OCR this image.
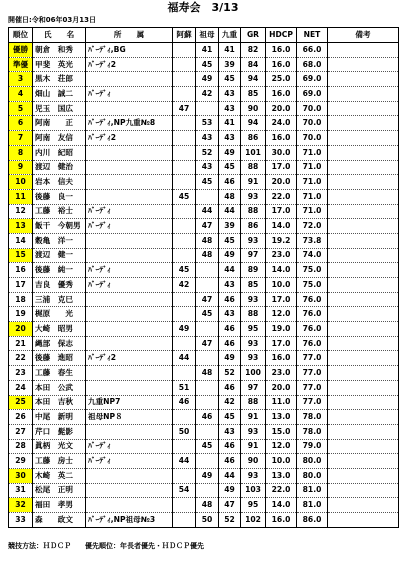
福寿会　3/13
開催日:令和06年03月13日
順位	氏　　名	所　　属	阿蘇	祖母	九重	GR	HDCP	NET	備考
優勝	朝倉　和秀	ﾊﾞｰﾃﾞｨ,BG		41	41	82	16.0	66.0	
準優	甲斐　英光	ﾊﾞｰﾃﾞｨ2		45	39	84	16.0	68.0	
3	黒木　荘郎			49	45	94	25.0	69.0	
4	畑山　誠二	ﾊﾞｰﾃﾞｨ		42	43	85	16.0	69.0	
5	児玉　国広		47		43	90	20.0	70.0	
6	阿南　　正	ﾊﾞｰﾃﾞｨ,NP九重№8		53	41	94	24.0	70.0	
7	阿南　友信	ﾊﾞｰﾃﾞｨ2		43	43	86	16.0	70.0	
8	内川　紀昭			52	49	101	30.0	71.0	
9	渡辺　健治			43	45	88	17.0	71.0	
10	岩本　信夫			45	46	91	20.0	71.0	
11	後藤　良一		45		48	93	22.0	71.0	
12	工藤　裕士	ﾊﾞｰﾃﾞｨ		44	44	88	17.0	71.0	
13	飯干　今朝男	ﾊﾞｰﾃﾞｨ		47	39	86	14.0	72.0	
14	穀亀　洋一			48	45	93	19.2	73.8	
15	渡辺　健一			48	49	97	23.0	74.0	
16	後藤　純一	ﾊﾞｰﾃﾞｨ	45		44	89	14.0	75.0	
17	吉良　優秀	ﾊﾞｰﾃﾞｨ	42		43	85	10.0	75.0	
18	三浦　克巳			47	46	93	17.0	76.0	
19	梶原　　光			45	43	88	12.0	76.0	
20	大崎　昭男		49		46	95	19.0	76.0	
21	縄部　保志			47	46	93	17.0	76.0	
22	後藤　進昭	ﾊﾞｰﾃﾞｨ2	44		49	93	16.0	77.0	
23	工藤　春生			48	52	100	23.0	77.0	
24	本田　公武		51		46	97	20.0	77.0	
25	本田　吉秋	九重NP7	46		42	88	11.0	77.0	
26	中尾　新明	祖母NP８		46	45	91	13.0	78.0	
27	芹口　髭影		50		43	93	15.0	78.0	
28	眞柄　光文	ﾊﾞｰﾃﾞｨ		45	46	91	12.0	79.0	
29	工藤　房士	ﾊﾞｰﾃﾞｨ	44		46	90	10.0	80.0	
30	木崎　英二			49	44	93	13.0	80.0	
31	松尾　正明		54		49	103	22.0	81.0	
32	福田　孝男			48	47	95	14.0	81.0	
33	森　　政文	ﾊﾞｰﾃﾞｨ,NP祖母№3		50	52	102	16.0	86.0	
競技方法：ＨＤＣＰ　　優先順位：年長者優先・ＨＤＣＰ優先
